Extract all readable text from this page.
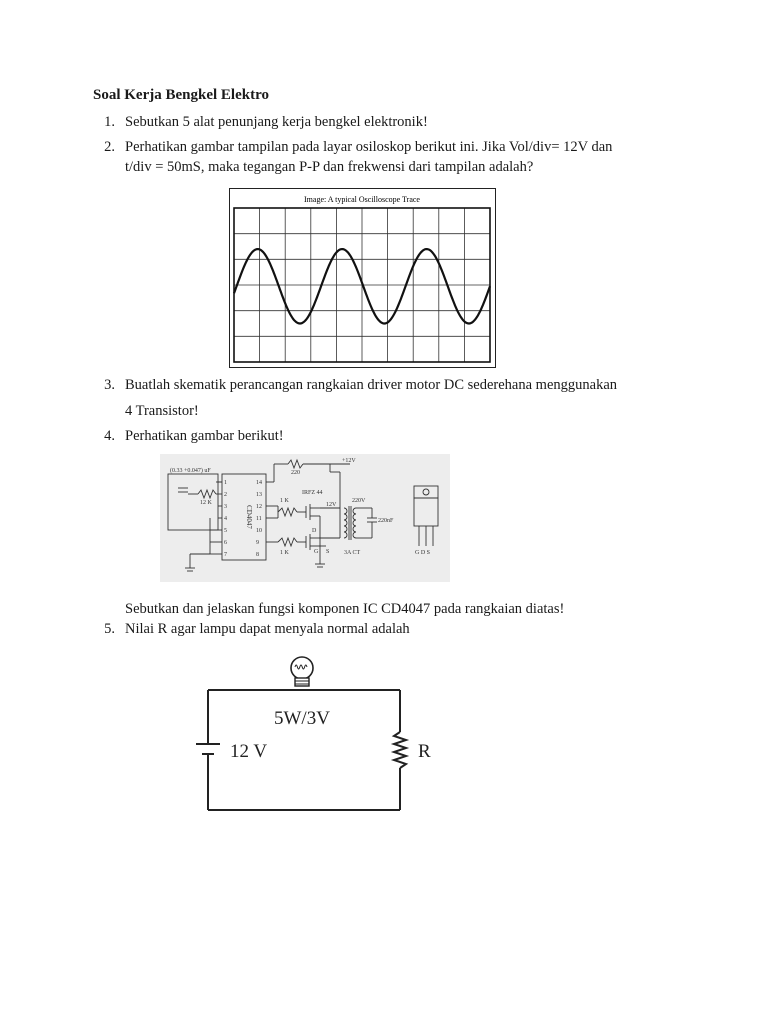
Soal Kerja Bengkel Elektro
1. Sebutkan 5 alat penunjang kerja bengkel elektronik!
2. Perhatikan gambar tampilan pada layar osiloskop berikut ini. Jika Vol/div= 12V dan
t/div = 50mS, maka tegangan P-P dan frekwensi dari tampilan adalah?
Image: A typical Oscilloscope Trace
3. Buatlah skematik perancangan rangkaian driver motor DC sederehana menggunakan
4 Transistor!
4. Perhatikan gambar berikut!
(0.33 +0.047) uF
12 K
CD4047
1
2
3
4
5
6
7
14
13
12
11
10
9
8
220
+12V
IRFZ 44
1 K
1 K
12V
220V
220nF
3A CT
D
G S	G D S
Sebutkan dan jelaskan fungsi komponen IC CD4047 pada rangkaian diatas!
5. Nilai R agar lampu dapat menyala normal adalah
5W/3V
12 V	R
